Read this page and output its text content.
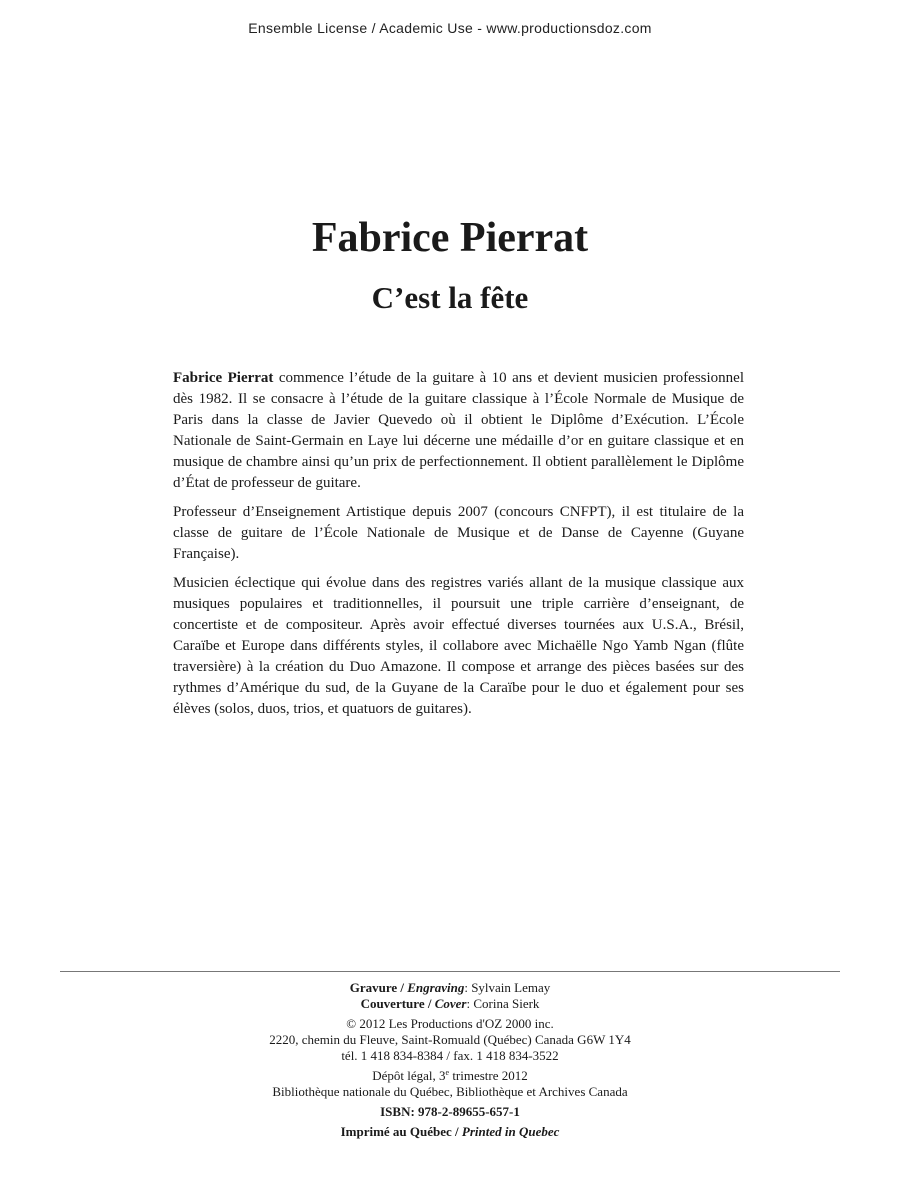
Ensemble License / Academic Use - www.productionsdoz.com
Fabrice Pierrat
C’est la fête

Fabrice Pierrat commence l’étude de la guitare à 10 ans et devient musicien professionnel dès 1982. Il se consacre à l’étude de la guitare classique à l’École Normale de Musique de Paris dans la classe de Javier Quevedo où il obtient le Diplôme d’Exécution. L’École Nationale de Saint-Germain en Laye lui décerne une médaille d’or en guitare classique et en musique de chambre ainsi qu’un prix de perfectionnement. Il obtient parallèlement le Diplôme d’État de professeur de guitare.

Professeur d’Enseignement Artistique depuis 2007 (concours CNFPT), il est titulaire de la classe de guitare de l’École Nationale de Musique et de Danse de Cayenne (Guyane Française).

Musicien éclectique qui évolue dans des registres variés allant de la musique classique aux musiques populaires et traditionnelles, il poursuit une triple carrière d’enseignant, de concertiste et de compositeur. Après avoir effectué diverses tournées aux U.S.A., Brésil, Caraïbe et Europe dans différents styles, il collabore avec Michaëlle Ngo Yamb Ngan (flûte traversière) à la création du Duo Amazone. Il compose et arrange des pièces basées sur des rythmes d’Amérique du sud, de la Guyane de la Caraïbe pour le duo et également pour ses élèves (solos, duos, trios, et quatuors de guitares).

Gravure / Engraving: Sylvain Lemay
Couverture / Cover: Corina Sierk
© 2012 Les Productions d'OZ 2000 inc.
2220, chemin du Fleuve, Saint-Romuald (Québec) Canada G6W 1Y4
tél. 1 418 834-8384 / fax. 1 418 834-3522
Dépôt légal, 3e trimestre 2012
Bibliothèque nationale du Québec, Bibliothèque et Archives Canada
ISBN: 978-2-89655-657-1
Imprimé au Québec / Printed in Quebec
